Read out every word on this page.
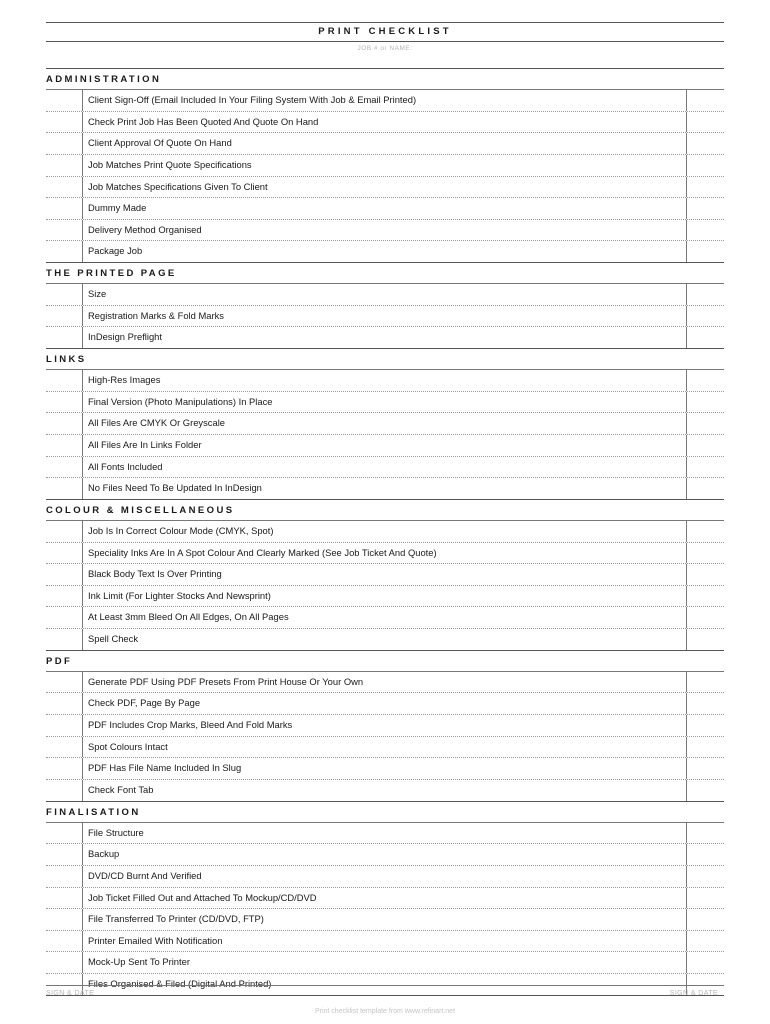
PRINT CHECKLIST
JOB # or NAME:
ADMINISTRATION
Client Sign-Off (Email Included In Your Filing System With Job & Email Printed)
Check Print Job Has Been Quoted And Quote On Hand
Client Approval Of Quote On Hand
Job Matches Print Quote Specifications
Job Matches Specifications Given To Client
Dummy Made
Delivery Method Organised
Package Job
THE PRINTED PAGE
Size
Registration Marks & Fold Marks
InDesign Preflight
LINKS
High-Res Images
Final Version (Photo Manipulations) In Place
All Files Are CMYK Or Greyscale
All Files Are In Links Folder
All Fonts Included
No Files Need To Be Updated In InDesign
COLOUR & MISCELLANEOUS
Job Is In Correct Colour Mode (CMYK, Spot)
Speciality Inks Are In A Spot Colour And Clearly Marked (See Job Ticket And Quote)
Black Body Text Is Over Printing
Ink Limit (For Lighter Stocks And Newsprint)
At Least 3mm Bleed On All Edges, On All Pages
Spell Check
PDF
Generate PDF Using PDF Presets From Print House Or Your Own
Check PDF, Page By Page
PDF Includes Crop Marks, Bleed And Fold Marks
Spot Colours Intact
PDF Has File Name Included In Slug
Check Font Tab
FINALISATION
File Structure
Backup
DVD/CD Burnt And Verified
Job Ticket Filled Out and Attached To Mockup/CD/DVD
File Transferred To Printer (CD/DVD, FTP)
Printer Emailed With Notification
Mock-Up Sent To Printer
Files Organised & Filed (Digital And Printed)
SIGN & DATE	SIGN & DATE
Print checklist template from www.refinart.net
